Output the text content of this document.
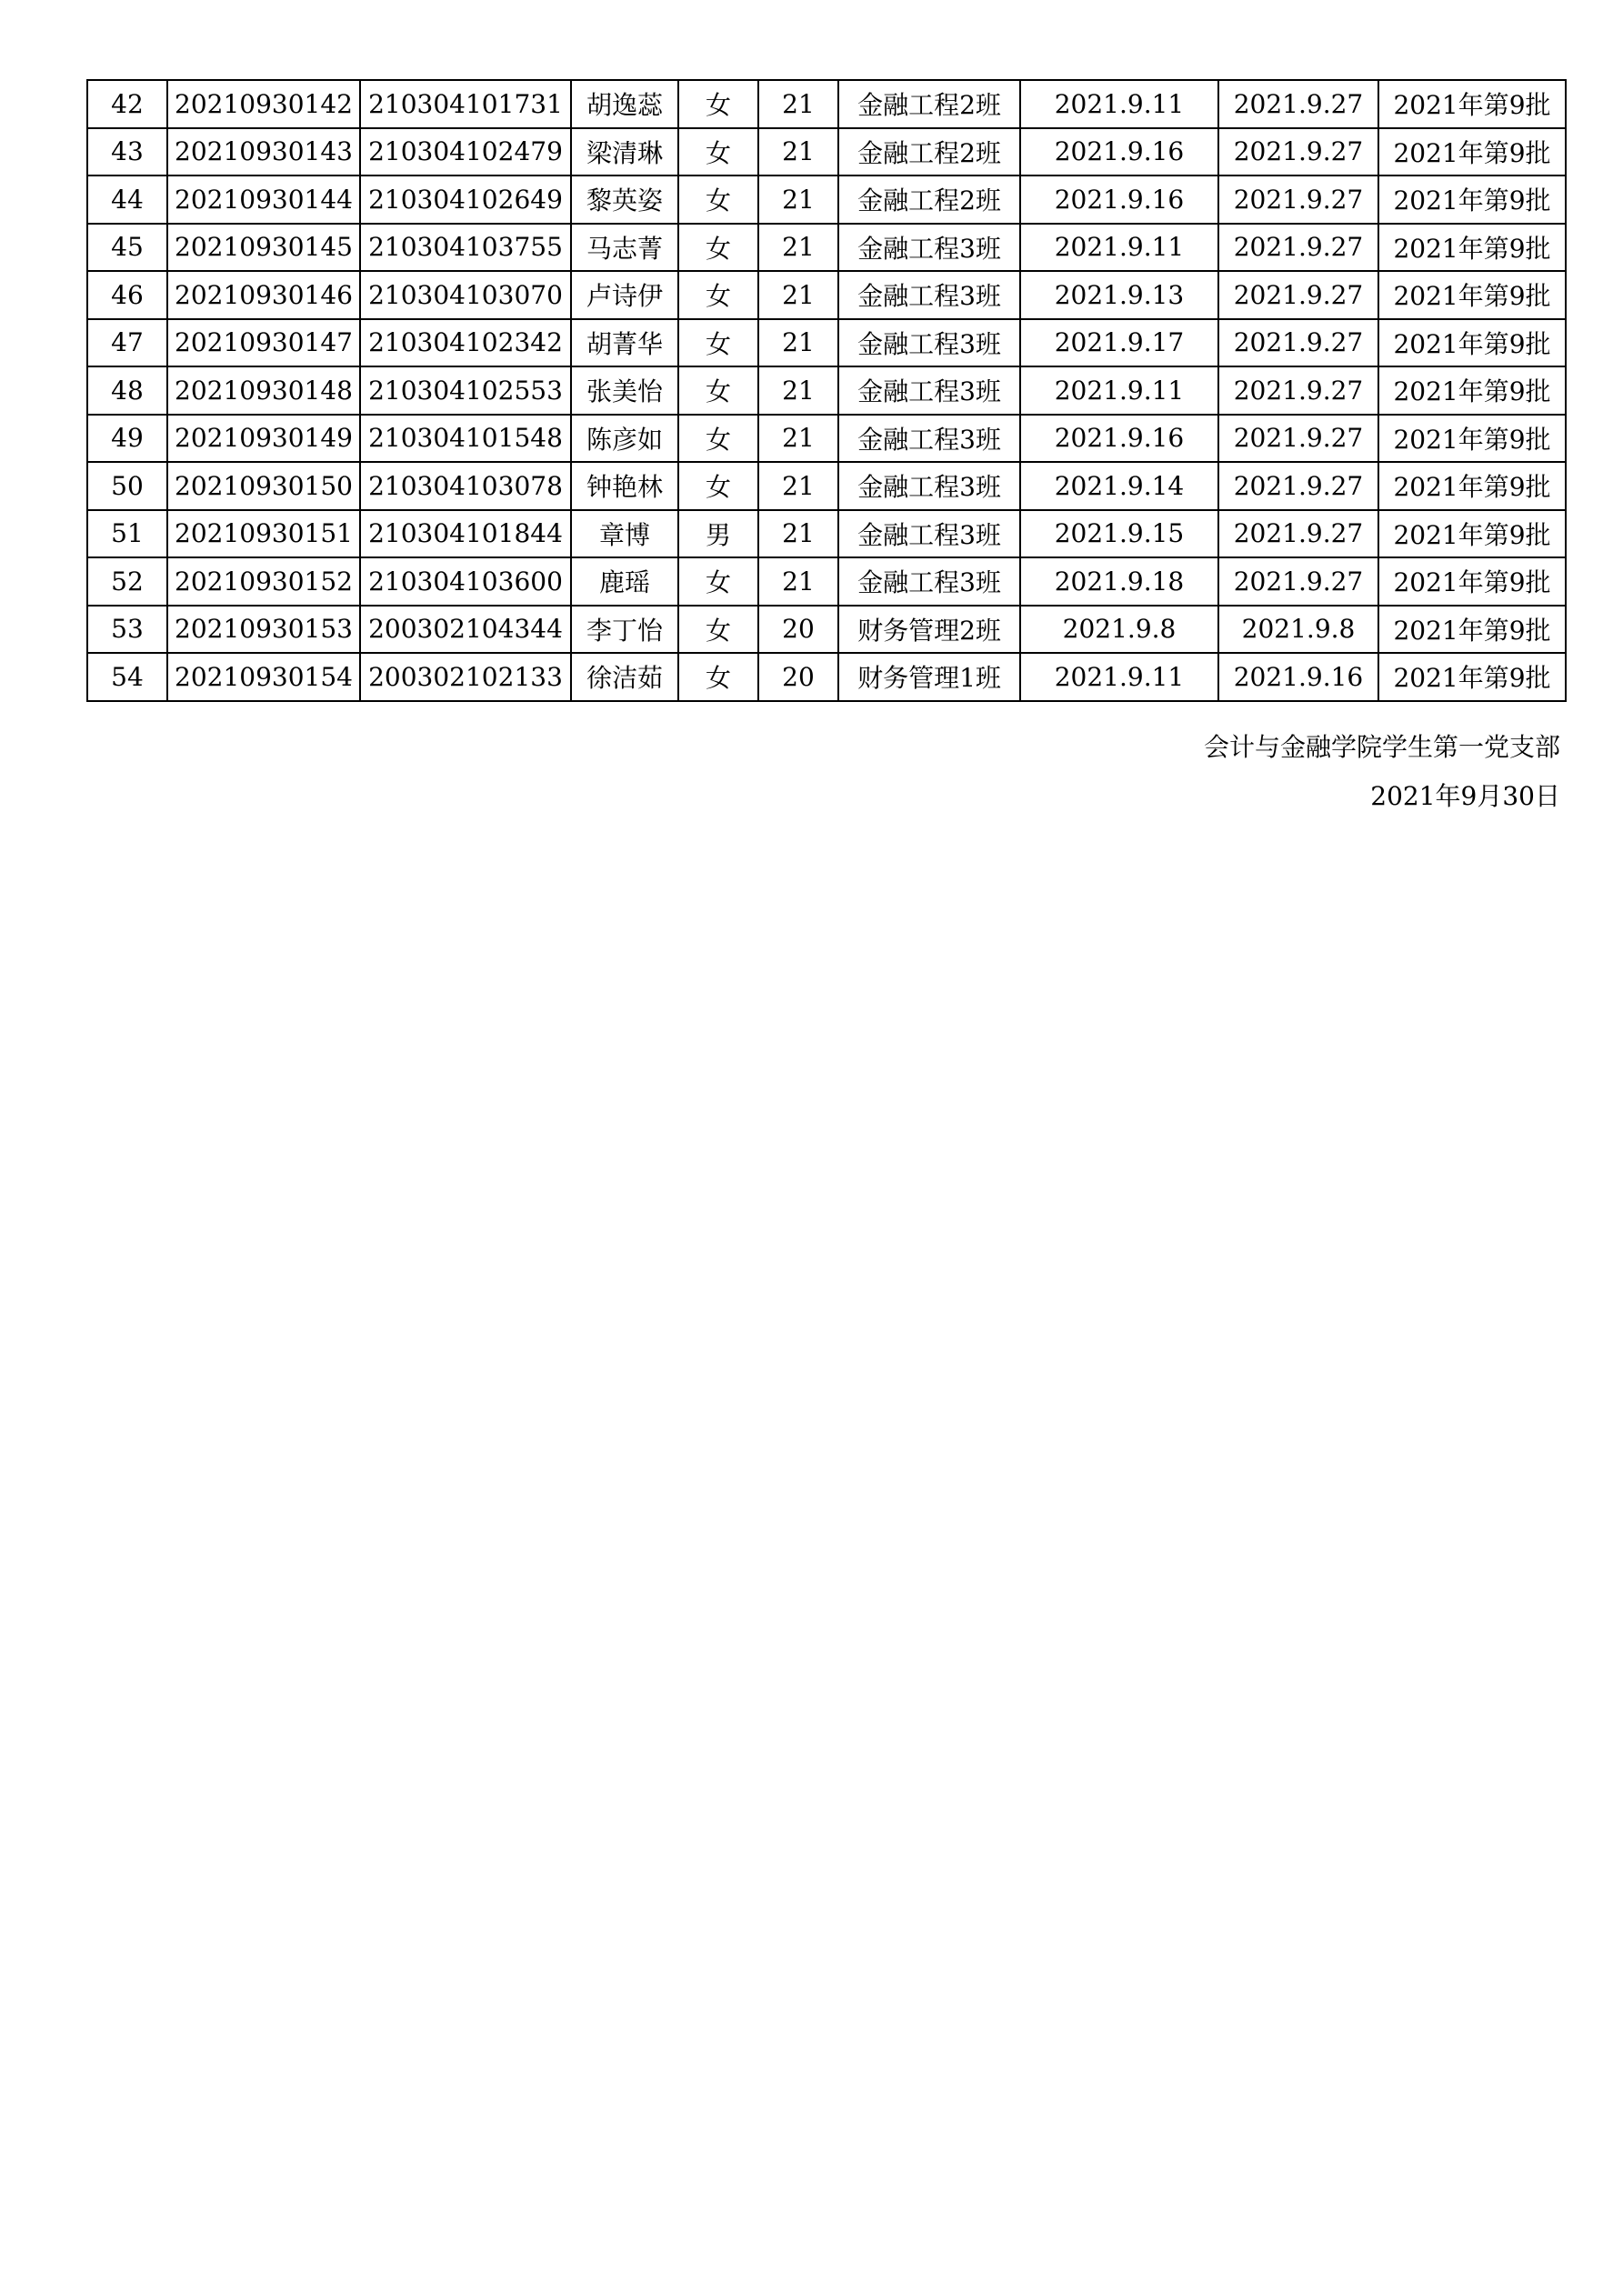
42	20210930142	210304101731	胡逸蕊	女	21	金融工程2班	2021.9.11	2021.9.27	2021年第9批
43	20210930143	210304102479	梁清琳	女	21	金融工程2班	2021.9.16	2021.9.27	2021年第9批
44	20210930144	210304102649	黎英姿	女	21	金融工程2班	2021.9.16	2021.9.27	2021年第9批
45	20210930145	210304103755	马志菁	女	21	金融工程3班	2021.9.11	2021.9.27	2021年第9批
46	20210930146	210304103070	卢诗伊	女	21	金融工程3班	2021.9.13	2021.9.27	2021年第9批
47	20210930147	210304102342	胡菁华	女	21	金融工程3班	2021.9.17	2021.9.27	2021年第9批
48	20210930148	210304102553	张美怡	女	21	金融工程3班	2021.9.11	2021.9.27	2021年第9批
49	20210930149	210304101548	陈彦如	女	21	金融工程3班	2021.9.16	2021.9.27	2021年第9批
50	20210930150	210304103078	钟艳林	女	21	金融工程3班	2021.9.14	2021.9.27	2021年第9批
51	20210930151	210304101844	章博	男	21	金融工程3班	2021.9.15	2021.9.27	2021年第9批
52	20210930152	210304103600	鹿瑶	女	21	金融工程3班	2021.9.18	2021.9.27	2021年第9批
53	20210930153	200302104344	李丁怡	女	20	财务管理2班	2021.9.8	2021.9.8	2021年第9批
54	20210930154	200302102133	徐洁茹	女	20	财务管理1班	2021.9.11	2021.9.16	2021年第9批
会计与金融学院学生第一党支部
2021年9月30日
